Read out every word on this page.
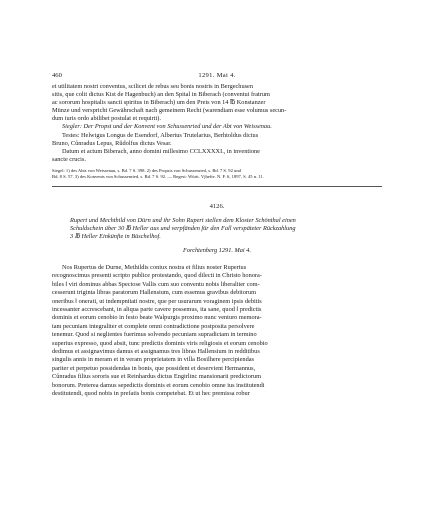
460	1291. Mai 4.

et utilitatem nostri conventus, scilicet de rebus seu bonis nostris in Bergechusen

sitis, que colit dictus Kist de Hagenbuch) an den Spital in Biberach (conventui fratrum

ac sororum hospitalis sancti spiritus in Biberach) um den Preis von 14 ℔ Konstanzer

Münze und verspricht Gewährschaft nach gemeinem Recht (warendiam esse volumus secun-

dum iuris ordo abilibet postulat et requirit).

Siegler: Der Propst und der Konvent von Schussenried und der Abt von Weissenau.

Testes: Helwigus Longus de Esendorf, Albertus Trutelarius, Berhtoldus dictus

Bruno, Cůnradus Lepus, Rǔdolfus dictus Vesar.

Datum et actum Biberach, anno domini millesimo CCLXXXXI., in inventione

sancte crucis.

Siegel: 1) des Abts von Weissenau, s. Bd. 7 S. 398. 2) des Propsts von Schussenried, s. Bd. 7 S. 92 und

Bd. 8 S. 57. 3) des Konvents von Schussenried, s. Bd. 7 S. 92. — Regest: Württ. Vjhefte. N. F. 6, 1897, S. 45 n. 11.

4126.

Rupert und Mechthild von Dürn und ihr Sohn Rupert stellen dem Kloster Schönthal einen

Schuldschein über 30 ℔ Heller aus und verpfänden für den Fall verspäteter Rückzahlung

3 ℔ Heller Einkünfte in Büschelhof.

Forchtenberg 1291. Mai 4.

Nos Rupertus de Durne, Methildis coniux nostra et filius noster Rupertus

recognoscimus presenti scripto publice protestando, quod dilecti in Christo honora-

biles ‖ viri dominus abbas Speciose Vallis cum suo conventu nobis liberaliter com-

cesserunt triginta libras paratorum Hallensium, cum essemus gravibus debitorum

oneribus ‖ onerati, ut indempnitati nostre, que per usurarum voraginem ipsis debitis

incessanter accrescebant, in aliqua parte cavere possemus, ita sane, quod ‖ predictis

dominis et eorum cenobio in festo beate Walpurgis proximo nunc venturo memora-

tam pecuniam integraliter et complete omni contradictione postposita persolvere

tenemur. Quod si neglientes fuerimus solvendo pecuniam supradictam in termino

superius expresso, quod absit, tunc predictis dominis viris religiosis et eorum cenobio

dedimus et assignavimus damus et assignamus tres libras Hallensium in redditibus

singulis annis in meram et in veram proprietatem in villa Bosilhere percipiendas

pariter et perpetuo possidendas in bonis, que possident et deservient Hermannus,

Cůnradus filius sororis sue et Reinhardus dictus Engirlinc mansionarii predictorum

bonorum. Preterea damus sepedictis dominis et eorum cenobio omne ius institutendi

destitutendi, quod nobis in prefatis bonis competebat. Et ut hec premissa robur
